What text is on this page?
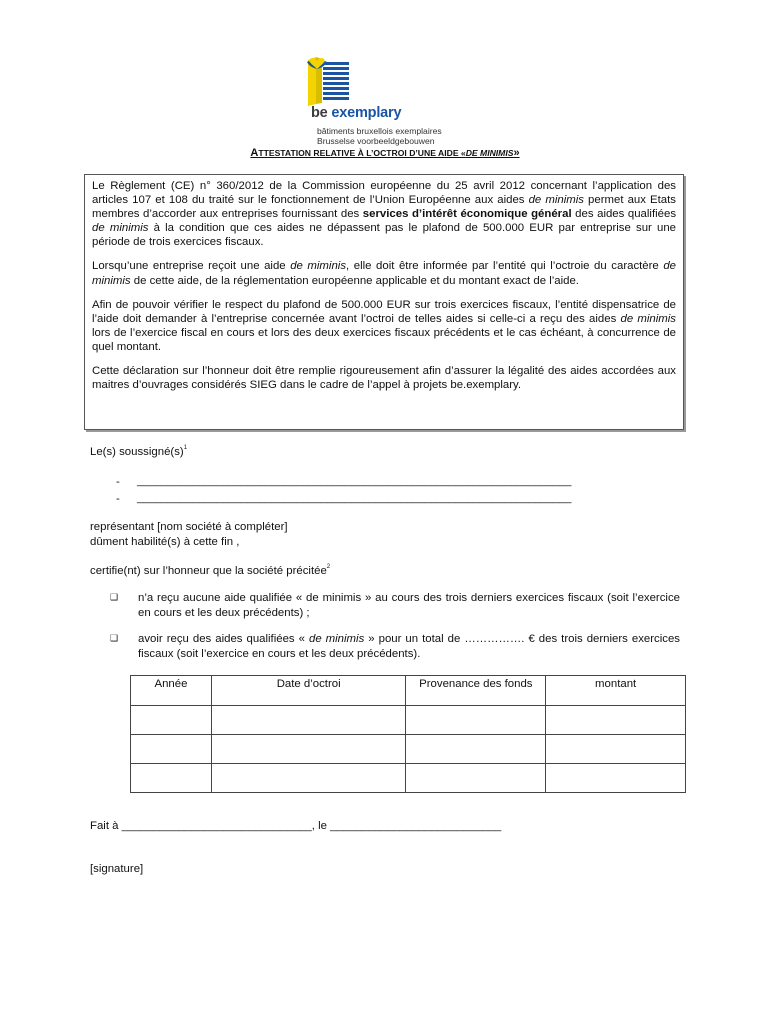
be exemplary
bâtiments bruxellois exemplaires
Brusselse voorbeeldgebouwen
ATTESTATION RELATIVE À L’OCTROI D’UNE AIDE «DE MINIMIS»

Le Règlement (CE) n° 360/2012 de la Commission européenne du 25 avril 2012 concernant l’application des articles 107 et 108 du traité sur le fonctionnement de l’Union Européenne aux aides de minimis permet aux Etats membres d’accorder aux entreprises fournissant des services d’intérêt économique général des aides qualifiées de minimis à la condition que ces aides ne dépassent pas le plafond de 500.000 EUR par entreprise sur une période de trois exercices fiscaux.

Lorsqu’une entreprise reçoit une aide de miminis, elle doit être informée par l’entité qui l’octroie du caractère de minimis de cette aide, de la réglementation européenne applicable et du montant exact de l’aide.

Afin de pouvoir vérifier le respect du plafond de 500.000 EUR sur trois exercices fiscaux, l’entité dispensatrice de l’aide doit demander à l’entreprise concernée avant l’octroi de telles aides si celle-ci a reçu des aides de minimis lors de l’exercice fiscal en cours et lors des deux exercices fiscaux précédents et le cas échéant, à concurrence de quel montant.

Cette déclaration sur l’honneur doit être remplie rigoureusement afin d’assurer la légalité des aides accordées aux maitres d’ouvrages considérés SIEG dans le cadre de l’appel à projets be.exemplary.

Le(s) $soussigné(s)^1$
- _______________________________________________________________________
- _______________________________________________________________________
représentant [nom société à compléter]
dûment habilité(s) à cette fin ,
certifie(nt) sur l’honneur que la société précitée$^2$
❑ n’a reçu aucune aide qualifiée « de minimis » au cours des trois derniers exercices fiscaux (soit l’exercice en cours et les deux précédents) ;
❑ avoir reçu des aides qualifiées « de minimis » pour un total de ……………. € des trois derniers exercices fiscaux (soit l’exercice en cours et les deux précédents).
Année	Date d’octroi	Provenance des fonds	montant

Fait à ______________________________, le ___________________________
[signature]
